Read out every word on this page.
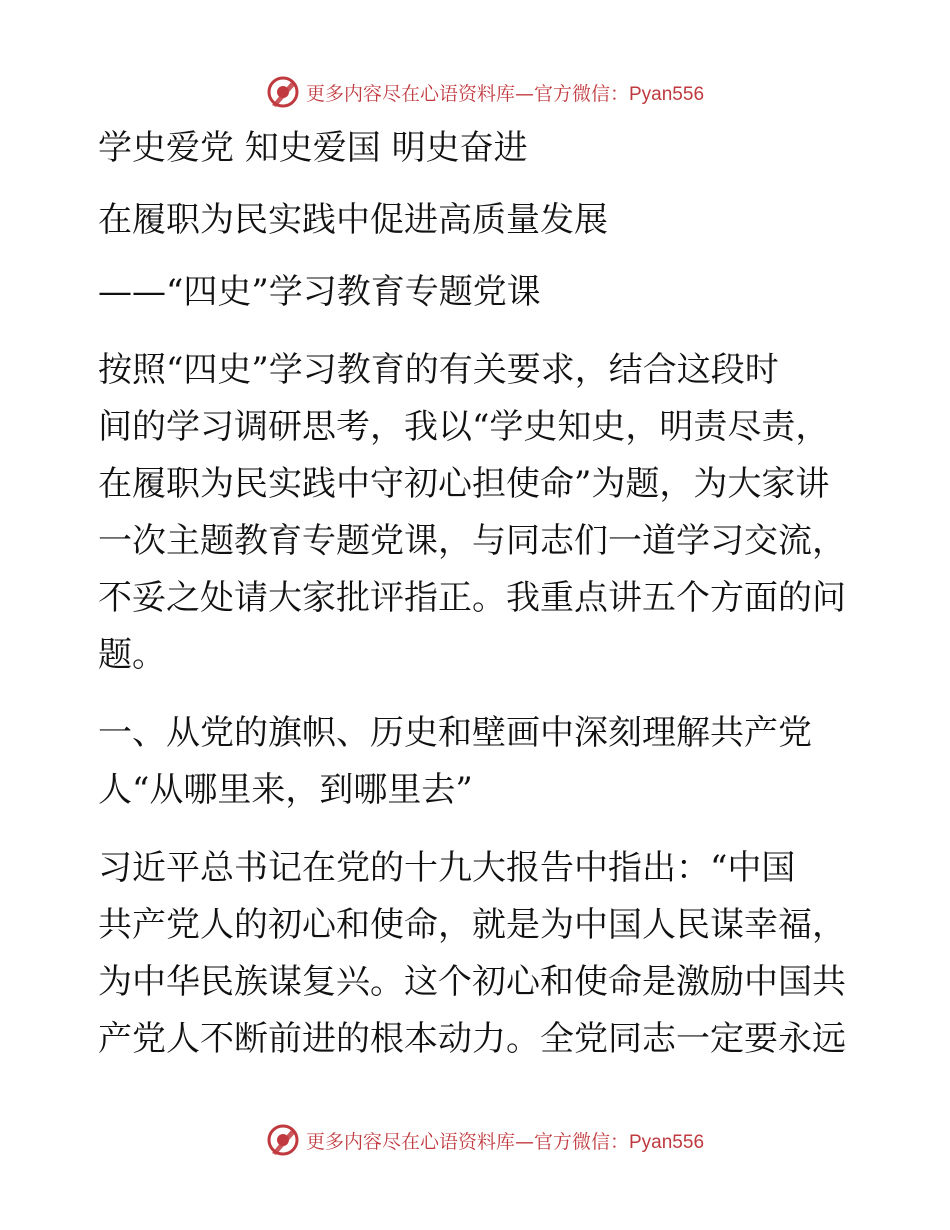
更多内容尽在心语资料库—官方微信：Pyan556
学史爱党 知史爱国 明史奋进
在履职为民实践中促进高质量发展
——“四史”学习教育专题党课
按照“四史”学习教育的有关要求，结合这段时
间的学习调研思考，我以“学史知史，明责尽责，
在履职为民实践中守初心担使命”为题，为大家讲
一次主题教育专题党课，与同志们一道学习交流，
不妥之处请大家批评指正。我重点讲五个方面的问
题。
一、从党的旗帜、历史和壁画中深刻理解共产党
人“从哪里来，到哪里去”
习近平总书记在党的十九大报告中指出：“中国
共产党人的初心和使命，就是为中国人民谋幸福，
为中华民族谋复兴。这个初心和使命是激励中国共
产党人不断前进的根本动力。全党同志一定要永远
更多内容尽在心语资料库—官方微信：Pyan556
